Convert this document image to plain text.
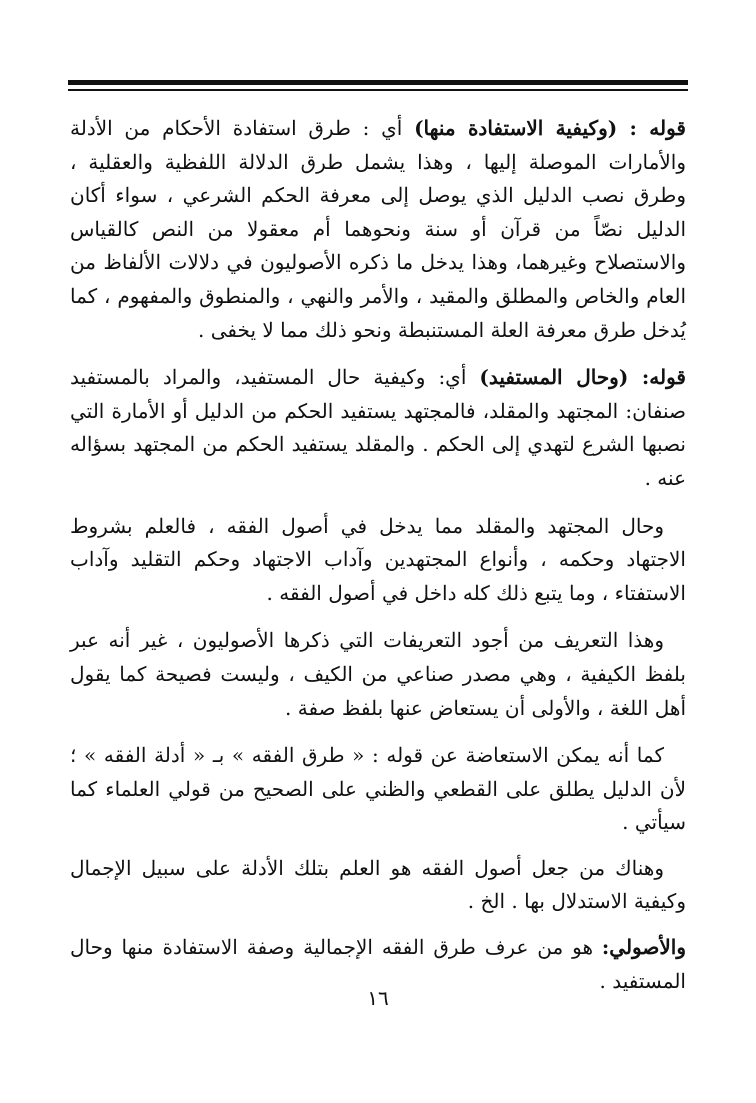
قوله : (وكيفية الاستفادة منها) أي : طرق استفادة الأحكام من الأدلة والأمارات الموصلة إليها ، وهذا يشمل طرق الدلالة اللفظية والعقلية ، وطرق نصب الدليل الذي يوصل إلى معرفة الحكم الشرعي ، سواء أكان الدليل نصّاً من قرآن أو سنة ونحوهما أم معقولا من النص كالقياس والاستصلاح وغيرهما، وهذا يدخل ما ذكره الأصوليون في دلالات الألفاظ من العام والخاص والمطلق والمقيد ، والأمر والنهي ، والمنطوق والمفهوم ، كما يُدخل طرق معرفة العلة المستنبطة ونحو ذلك مما لا يخفى .

قوله: (وحال المستفيد) أي: وكيفية حال المستفيد، والمراد بالمستفيد صنفان: المجتهد والمقلد، فالمجتهد يستفيد الحكم من الدليل أو الأمارة التي نصبها الشرع لتهدي إلى الحكم . والمقلد يستفيد الحكم من المجتهد بسؤاله عنه .

وحال المجتهد والمقلد مما يدخل في أصول الفقه ، فالعلم بشروط الاجتهاد وحكمه ، وأنواع المجتهدين وآداب الاجتهاد وحكم التقليد وآداب الاستفتاء ، وما يتبع ذلك كله داخل في أصول الفقه .

وهذا التعريف من أجود التعريفات التي ذكرها الأصوليون ، غير أنه عبر بلفظ الكيفية ، وهي مصدر صناعي من الكيف ، وليست فصيحة كما يقول أهل اللغة ، والأولى أن يستعاض عنها بلفظ صفة .

كما أنه يمكن الاستعاضة عن قوله : « طرق الفقه » بـ « أدلة الفقه » ؛ لأن الدليل يطلق على القطعي والظني على الصحيح من قولي العلماء كما سيأتي .

وهناك من جعل أصول الفقه هو العلم بتلك الأدلة على سبيل الإجمال وكيفية الاستدلال بها . الخ .

والأصولي: هو من عرف طرق الفقه الإجمالية وصفة الاستفادة منها وحال المستفيد .

١٦
